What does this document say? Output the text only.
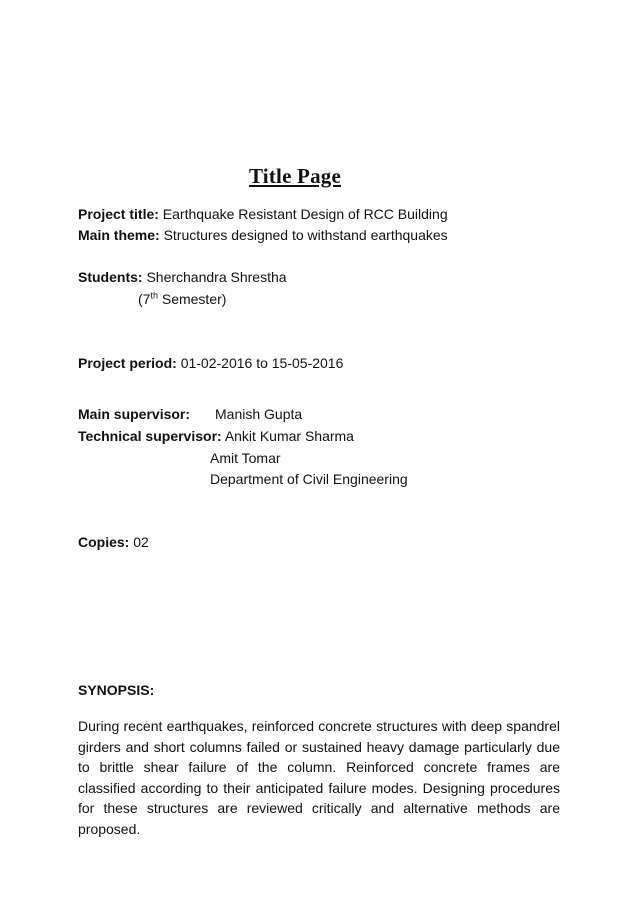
Title Page
Project title: Earthquake Resistant Design of RCC Building
Main theme: Structures designed to withstand earthquakes
Students: Sherchandra Shrestha
(7th Semester)
Project period: 01-02-2016 to 15-05-2016
Main supervisor: Manish Gupta
Technical supervisor: Ankit Kumar Sharma
Amit Tomar
Department of Civil Engineering
Copies: 02
SYNOPSIS:
During recent earthquakes, reinforced concrete structures with deep spandrel girders and short columns failed or sustained heavy damage particularly due to brittle shear failure of the column. Reinforced concrete frames are classified according to their anticipated failure modes. Designing procedures for these structures are reviewed critically and alternative methods are proposed.
